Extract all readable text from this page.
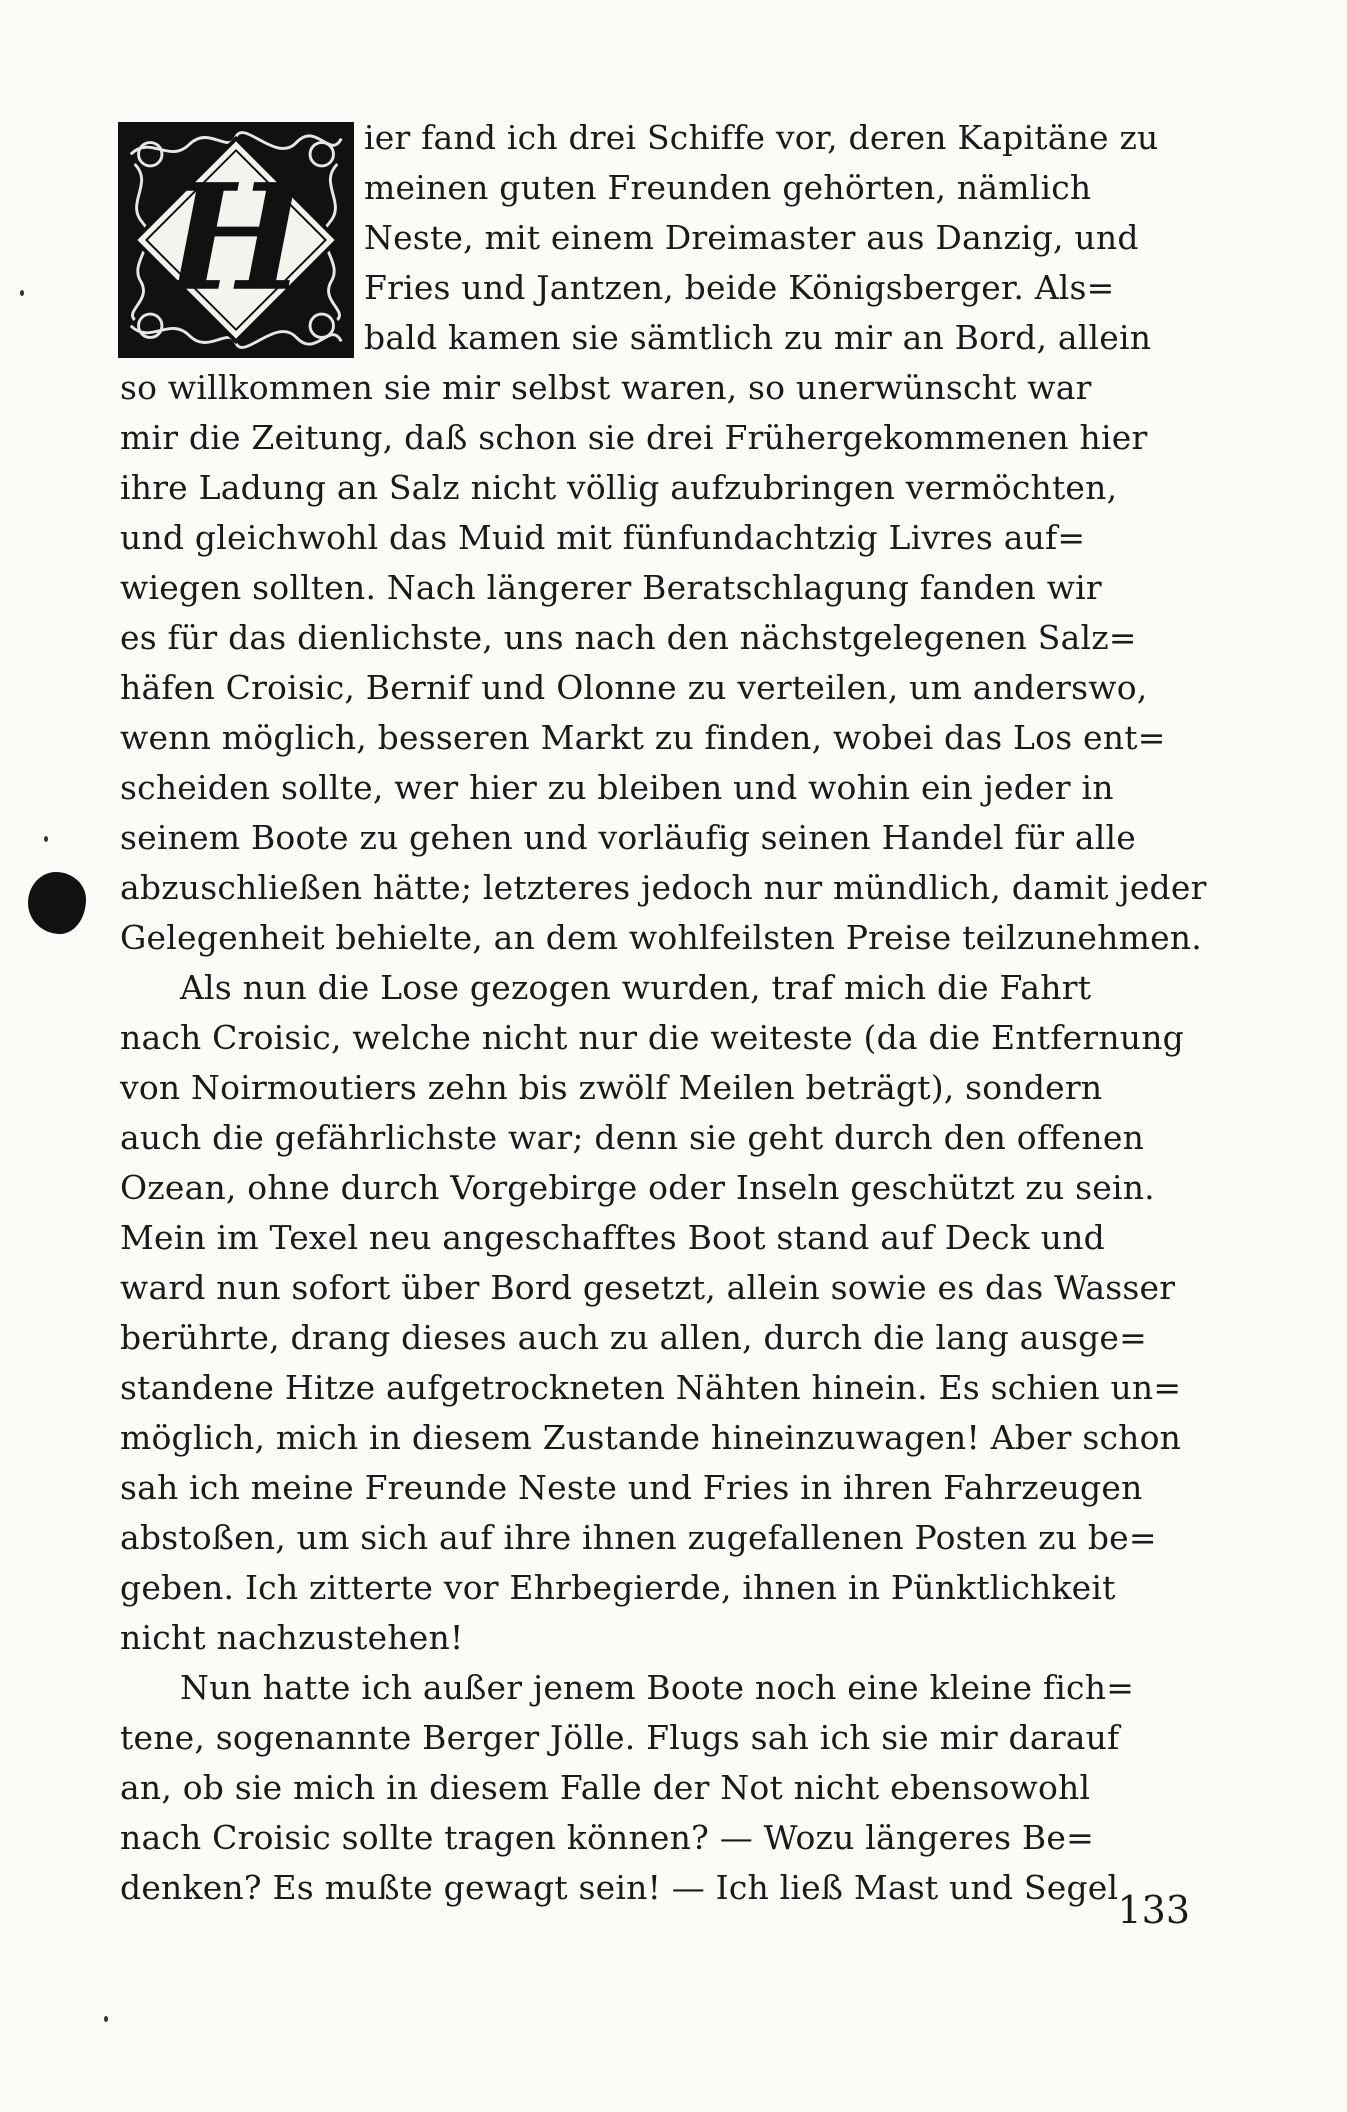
H
ier fand ich drei Schiffe vor, deren Kapitäne zu
meinen guten Freunden gehörten, nämlich
Neste, mit einem Dreimaster aus Danzig, und
Fries und Jantzen, beide Königsberger. Als=
bald kamen sie sämtlich zu mir an Bord, allein
so willkommen sie mir selbst waren, so unerwünscht war
mir die Zeitung, daß schon sie drei Frühergekommenen hier
ihre Ladung an Salz nicht völlig aufzubringen vermöchten,
und gleichwohl das Muid mit fünfundachtzig Livres auf=
wiegen sollten. Nach längerer Beratschlagung fanden wir
es für das dienlichste, uns nach den nächstgelegenen Salz=
häfen Croisic, Bernif und Olonne zu verteilen, um anderswo,
wenn möglich, besseren Markt zu finden, wobei das Los ent=
scheiden sollte, wer hier zu bleiben und wohin ein jeder in
seinem Boote zu gehen und vorläufig seinen Handel für alle
abzuschließen hätte; letzteres jedoch nur mündlich, damit jeder
Gelegenheit behielte, an dem wohlfeilsten Preise teilzunehmen.
Als nun die Lose gezogen wurden, traf mich die Fahrt
nach Croisic, welche nicht nur die weiteste (da die Entfernung
von Noirmoutiers zehn bis zwölf Meilen beträgt), sondern
auch die gefährlichste war; denn sie geht durch den offenen
Ozean, ohne durch Vorgebirge oder Inseln geschützt zu sein.
Mein im Texel neu angeschafftes Boot stand auf Deck und
ward nun sofort über Bord gesetzt, allein sowie es das Wasser
berührte, drang dieses auch zu allen, durch die lang ausge=
standene Hitze aufgetrockneten Nähten hinein. Es schien un=
möglich, mich in diesem Zustande hineinzuwagen! Aber schon
sah ich meine Freunde Neste und Fries in ihren Fahrzeugen
abstoßen, um sich auf ihre ihnen zugefallenen Posten zu be=
geben. Ich zitterte vor Ehrbegierde, ihnen in Pünktlichkeit
nicht nachzustehen!
Nun hatte ich außer jenem Boote noch eine kleine fich=
tene, sogenannte Berger Jölle. Flugs sah ich sie mir darauf
an, ob sie mich in diesem Falle der Not nicht ebensowohl
nach Croisic sollte tragen können? — Wozu längeres Be=
denken? Es mußte gewagt sein! — Ich ließ Mast und Segel
133
